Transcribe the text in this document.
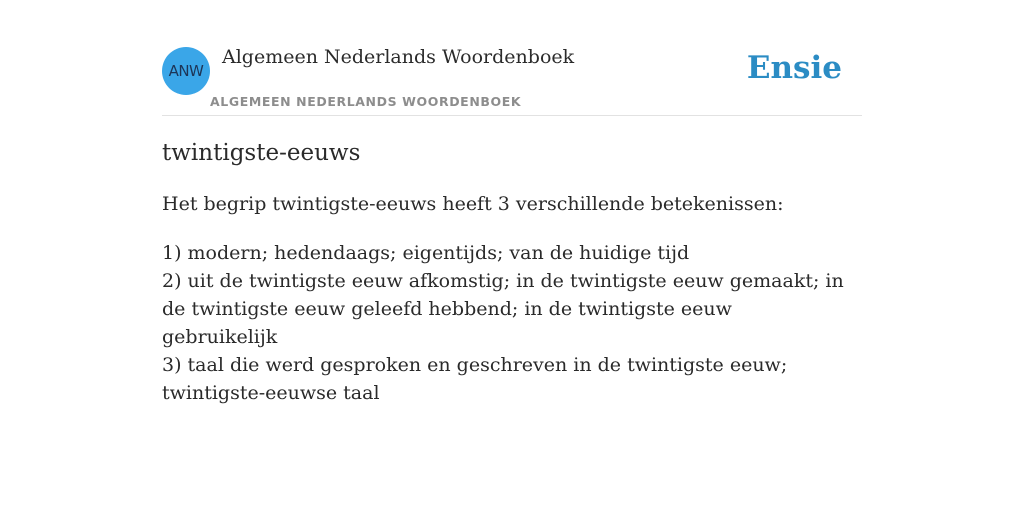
ANW
Algemeen Nederlands Woordenboek
ALGEMEEN NEDERLANDS WOORDENBOEK
Ensie
twintigste-eeuws

Het begrip twintigste-eeuws heeft 3 verschillende betekenissen:

1) modern; hedendaags; eigentijds; van de huidige tijd
2) uit de twintigste eeuw afkomstig; in de twintigste eeuw gemaakt; in de twintigste eeuw geleefd hebbend; in de twintigste eeuw gebruikelijk
3) taal die werd gesproken en geschreven in de twintigste eeuw; twintigste-eeuwse taal
